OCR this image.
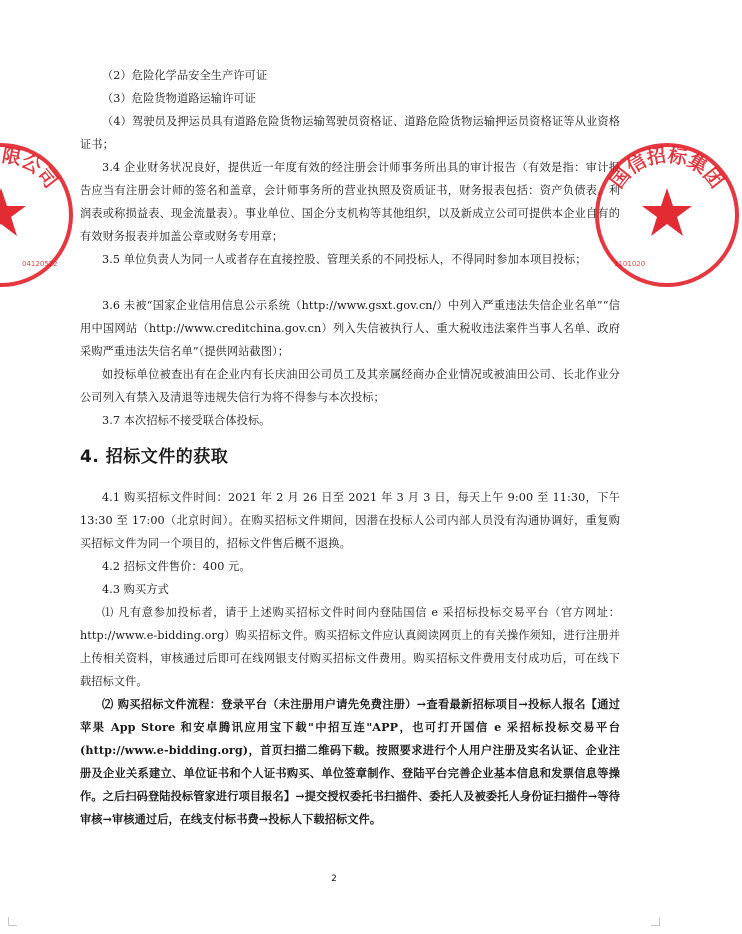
（2）危险化学品安全生产许可证

（3）危险货物道路运输许可证

（4）驾驶员及押运员具有道路危险货物运输驾驶员资格证、道路危险货物运输押运员资格证等从业资格证书；

3.4 企业财务状况良好，提供近一年度有效的经注册会计师事务所出具的审计报告（有效是指：审计报告应当有注册会计师的签名和盖章，会计师事务所的营业执照及资质证书，财务报表包括：资产负债表、利润表或称损益表、现金流量表）。事业单位、国企分支机构等其他组织，以及新成立公司可提供本企业自有的有效财务报表并加盖公章或财务专用章；

3.5 单位负责人为同一人或者存在直接控股、管理关系的不同投标人，不得同时参加本项目投标；

3.6 未被“国家企业信用信息公示系统（http://www.gsxt.gov.cn/）中列入严重违法失信企业名单”“信用中国网站（http://www.creditchina.gov.cn）列入失信被执行人、重大税收违法案件当事人名单、政府采购严重违法失信名单”（提供网站截图）；

如投标单位被查出有在企业内有长庆油田公司员工及其亲属经商办企业情况或被油田公司、长北作业分公司列入有禁入及清退等违规失信行为将不得参与本次投标；

3.7 本次招标不接受联合体投标。

4. 招标文件的获取

4.1 购买招标文件时间：2021 年 2 月 26 日至 2021 年 3 月 3 日，每天上午 9:00 至 11:30，下午 13:30 至 17:00（北京时间）。在购买招标文件期间，因潜在投标人公司内部人员没有沟通协调好，重复购买招标文件为同一个项目的，招标文件售后概不退换。

4.2 招标文件售价：400 元。

4.3 购买方式

⑴ 凡有意参加投标者，请于上述购买招标文件时间内登陆国信 e 采招标投标交易平台（官方网址：http://www.e-bidding.org）购买招标文件。购买招标文件应认真阅读网页上的有关操作须知，进行注册并上传相关资料，审核通过后即可在线网银支付购买招标文件费用。购买招标文件费用支付成功后，可在线下载招标文件。

⑵ 购买招标文件流程：登录平台（未注册用户请先免费注册）→查看最新招标项目→投标人报名【通过苹果 App Store 和安卓腾讯应用宝下载"中招互连"APP，也可打开国信 e 采招标投标交易平台(http://www.e-bidding.org)，首页扫描二维码下载。按照要求进行个人用户注册及实名认证、企业注册及企业关系建立、单位证书和个人证书购买、单位签章制作、登陆平台完善企业基本信息和发票信息等操作。之后扫码登陆投标管家进行项目报名】→提交授权委托书扫描件、委托人及被委托人身份证扫描件→等待审核→审核通过后，在线支付标书费→投标人下载招标文件。

限公司
04120522
国信招标集团
1101020
2
